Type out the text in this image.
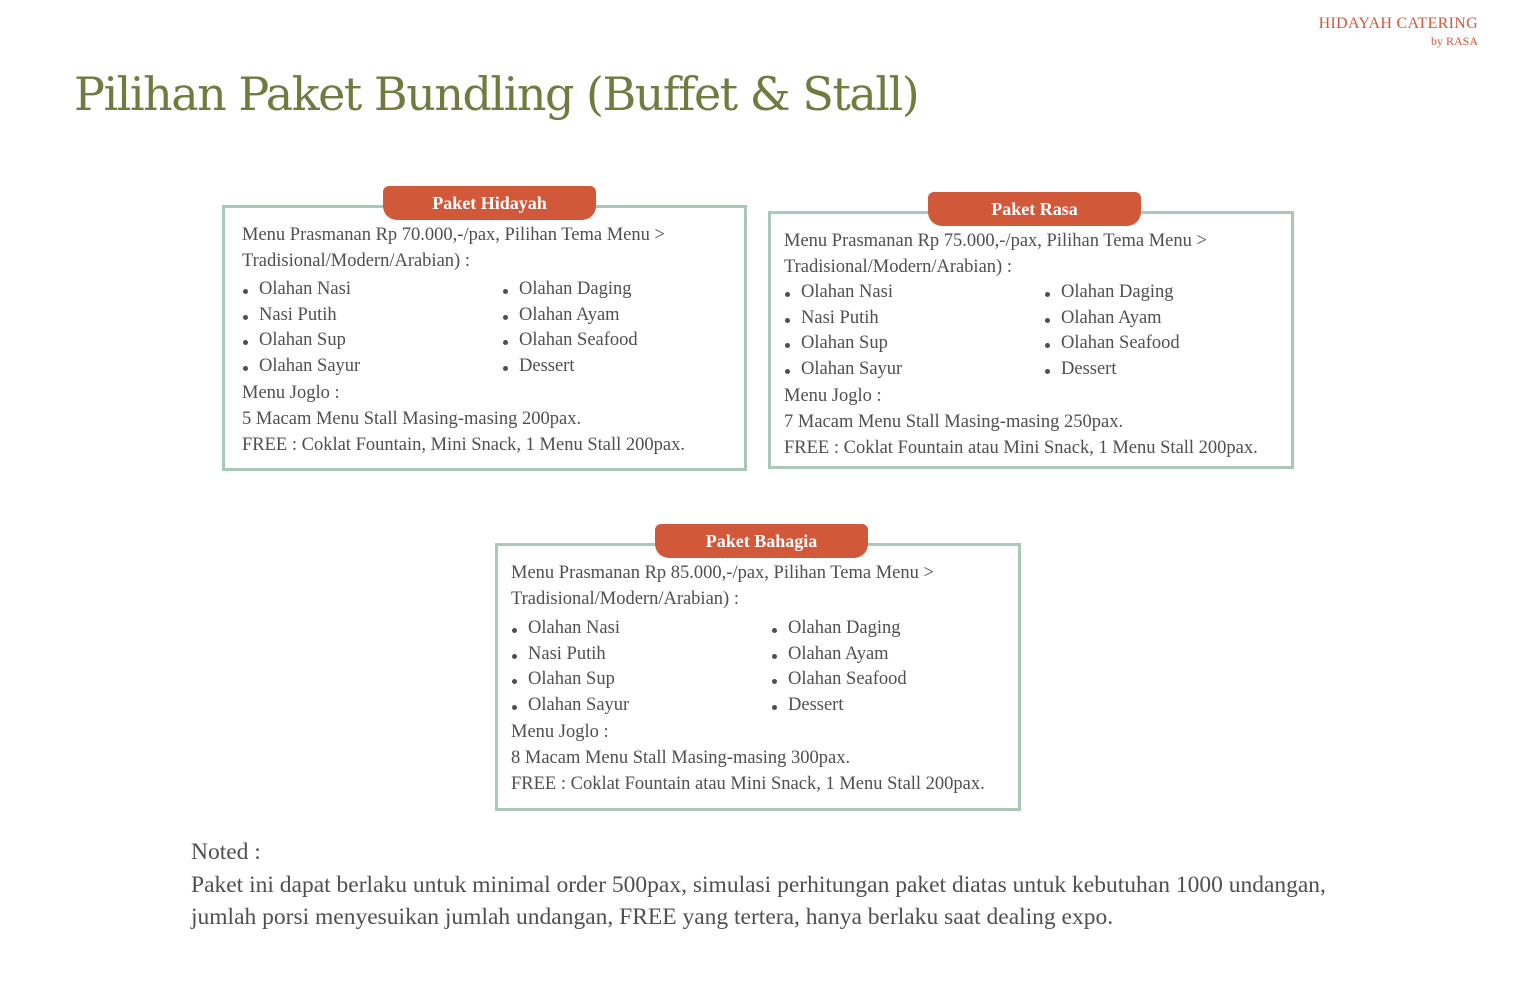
HIDAYAH CATERING
by RASA
Pilihan Paket Bundling (Buffet & Stall)
Paket Hidayah

Menu Prasmanan Rp 70.000,-/pax, Pilihan Tema Menu > Tradisional/Modern/Arabian) :

Olahan Nasi
Nasi Putih
Olahan Sup
Olahan Sayur
Olahan Daging
Olahan Ayam
Olahan Seafood
Dessert

Menu Joglo :

5 Macam Menu Stall Masing-masing 200pax.

FREE : Coklat Fountain, Mini Snack, 1 Menu Stall 200pax.

Paket Rasa

Menu Prasmanan Rp 75.000,-/pax, Pilihan Tema Menu > Tradisional/Modern/Arabian) :

Olahan Nasi
Nasi Putih
Olahan Sup
Olahan Sayur
Olahan Daging
Olahan Ayam
Olahan Seafood
Dessert

Menu Joglo :

7 Macam Menu Stall Masing-masing 250pax.

FREE : Coklat Fountain atau Mini Snack, 1 Menu Stall 200pax.

Paket Bahagia

Menu Prasmanan Rp 85.000,-/pax, Pilihan Tema Menu > Tradisional/Modern/Arabian) :

Olahan Nasi
Nasi Putih
Olahan Sup
Olahan Sayur
Olahan Daging
Olahan Ayam
Olahan Seafood
Dessert

Menu Joglo :

8 Macam Menu Stall Masing-masing 300pax.

FREE : Coklat Fountain atau Mini Snack, 1 Menu Stall 200pax.

Noted :

Paket ini dapat berlaku untuk minimal order 500pax, simulasi perhitungan paket diatas untuk kebutuhan 1000 undangan, jumlah porsi menyesuikan jumlah undangan, FREE yang tertera, hanya berlaku saat dealing expo.
